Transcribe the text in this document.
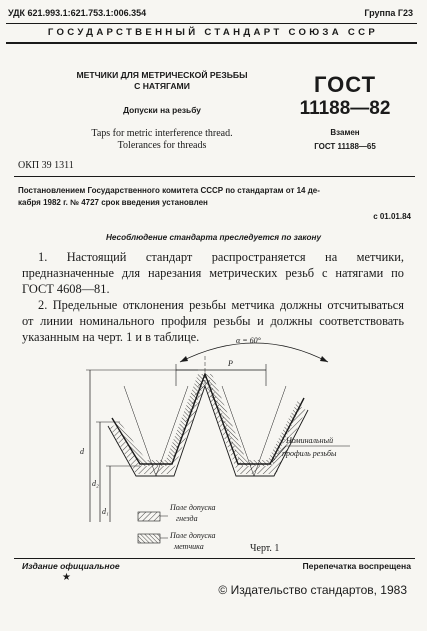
УДК 621.993.1:621.753.1:006.354	Группа Г23
ГОСУДАРСТВЕННЫЙ СТАНДАРТ СОЮЗА ССР
МЕТЧИКИ ДЛЯ МЕТРИЧЕСКОЙ РЕЗЬБЫ
С НАТЯГАМИ
Допуски на резьбу
Taps for metric interference thread.
Tolerances for threads
ГОСТ
11188—82
Взамен
ГОСТ 11188—65
ОКП 39 1311
Постановлением Государственного комитета СССР по стандартам от 14 де-
кабря 1982 г. № 4727 срок введения установлен
с 01.01.84
Несоблюдение стандарта преследуется по закону
1. Настоящий стандарт распространяется на метчики, предназначенные для нарезания метрических резьб с натягами по ГОСТ 4608—81.
2. Предельные отклонения резьбы метчика должны отсчитываться от линии номинального профиля резьбы и должны соответствовать указанным на черт. 1 и в таблице.	α = 60°
P
d
d₂
d₁
Номинальный
профиль резьбы
Поле допуска
гнезда
Поле допуска
метчика	Черт. 1
Издание официальное	Перепечатка воспрещена
★
© Издательство стандартов, 1983
